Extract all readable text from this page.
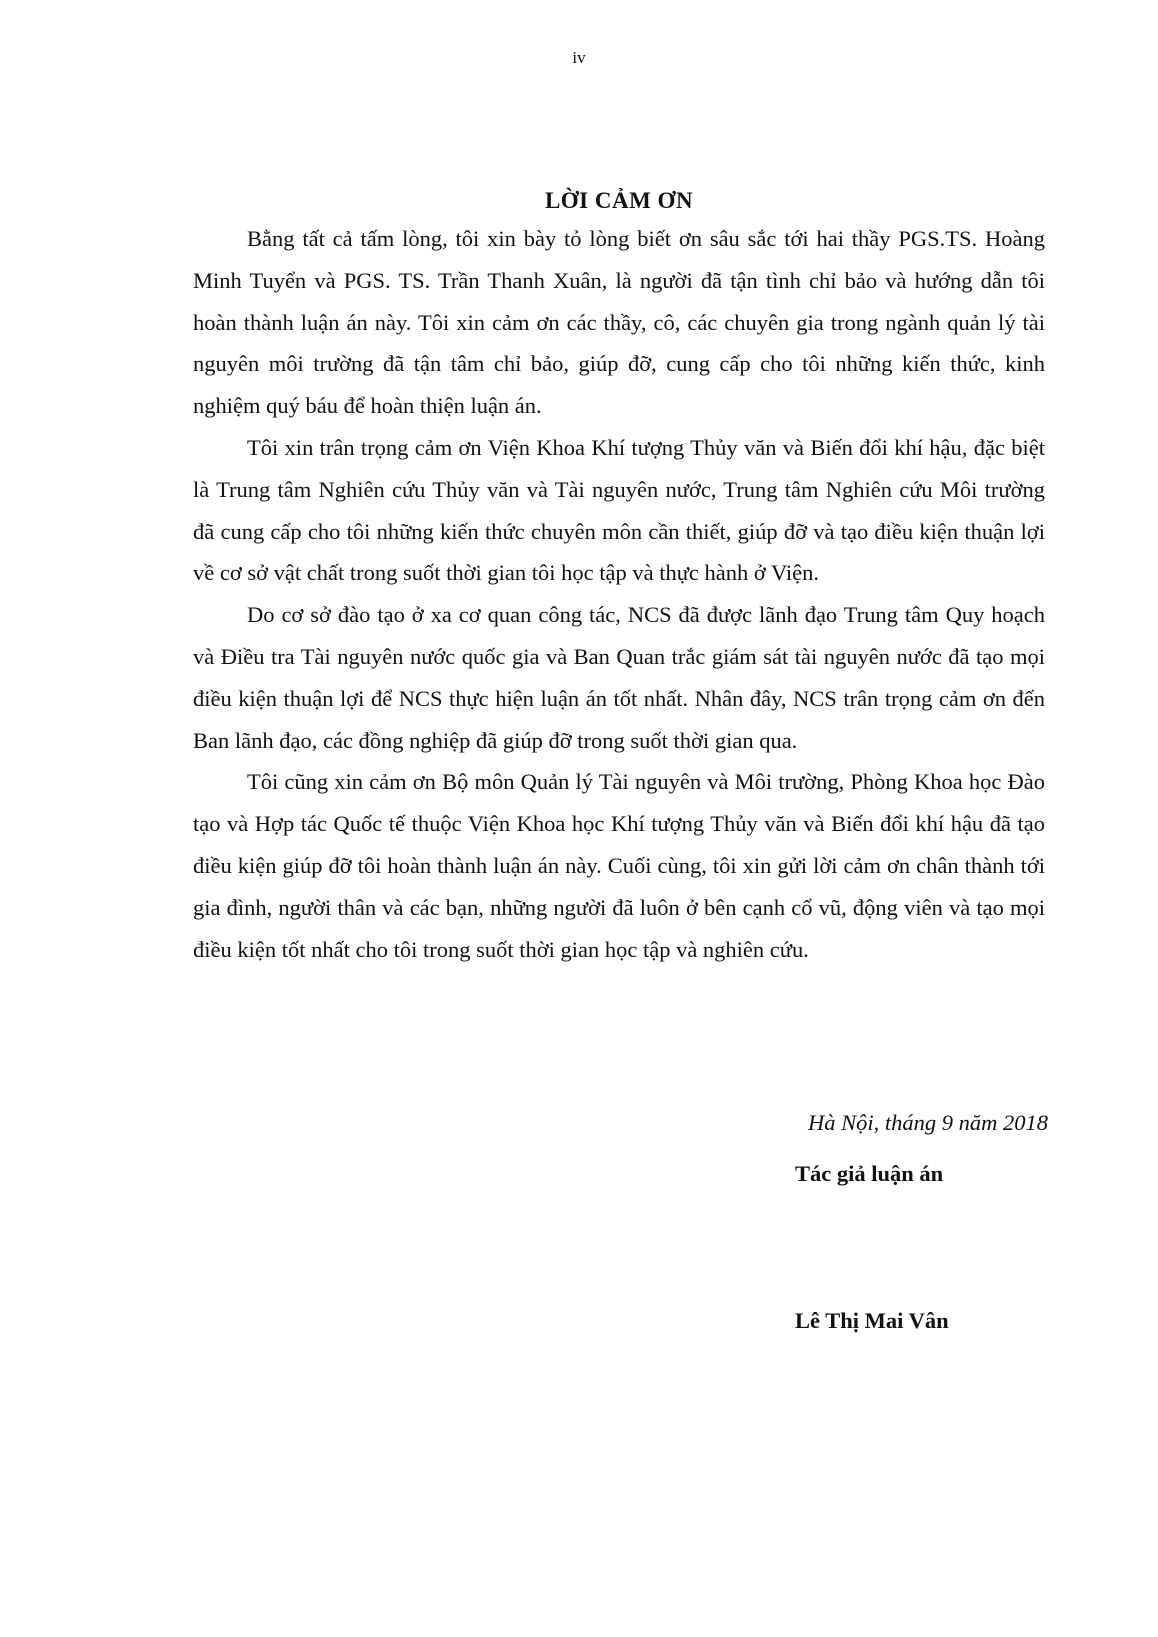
iv
LỜI CẢM ƠN

Bằng tất cả tấm lòng, tôi xin bày tỏ lòng biết ơn sâu sắc tới hai thầy PGS.TS. Hoàng Minh Tuyển và PGS. TS. Trần Thanh Xuân, là người đã tận tình chỉ bảo và hướng dẫn tôi hoàn thành luận án này. Tôi xin cảm ơn các thầy, cô, các chuyên gia trong ngành quản lý tài nguyên môi trường đã tận tâm chỉ bảo, giúp đỡ, cung cấp cho tôi những kiến thức, kinh nghiệm quý báu để hoàn thiện luận án.

Tôi xin trân trọng cảm ơn Viện Khoa Khí tượng Thủy văn và Biến đổi khí hậu, đặc biệt là Trung tâm Nghiên cứu Thủy văn và Tài nguyên nước, Trung tâm Nghiên cứu Môi trường đã cung cấp cho tôi những kiến thức chuyên môn cần thiết, giúp đỡ và tạo điều kiện thuận lợi về cơ sở vật chất trong suốt thời gian tôi học tập và thực hành ở Viện.

Do cơ sở đào tạo ở xa cơ quan công tác, NCS đã được lãnh đạo Trung tâm Quy hoạch và Điều tra Tài nguyên nước quốc gia và Ban Quan trắc giám sát tài nguyên nước đã tạo mọi điều kiện thuận lợi để NCS thực hiện luận án tốt nhất. Nhân đây, NCS trân trọng cảm ơn đến Ban lãnh đạo, các đồng nghiệp đã giúp đỡ trong suốt thời gian qua.

Tôi cũng xin cảm ơn Bộ môn Quản lý Tài nguyên và Môi trường, Phòng Khoa học Đào tạo và Hợp tác Quốc tế thuộc Viện Khoa học Khí tượng Thủy văn và Biến đổi khí hậu đã tạo điều kiện giúp đỡ tôi hoàn thành luận án này. Cuối cùng, tôi xin gửi lời cảm ơn chân thành tới gia đình, người thân và các bạn, những người đã luôn ở bên cạnh cổ vũ, động viên và tạo mọi điều kiện tốt nhất cho tôi trong suốt thời gian học tập và nghiên cứu.

Hà Nội, tháng 9 năm 2018
Tác giả luận án
Lê Thị Mai Vân
